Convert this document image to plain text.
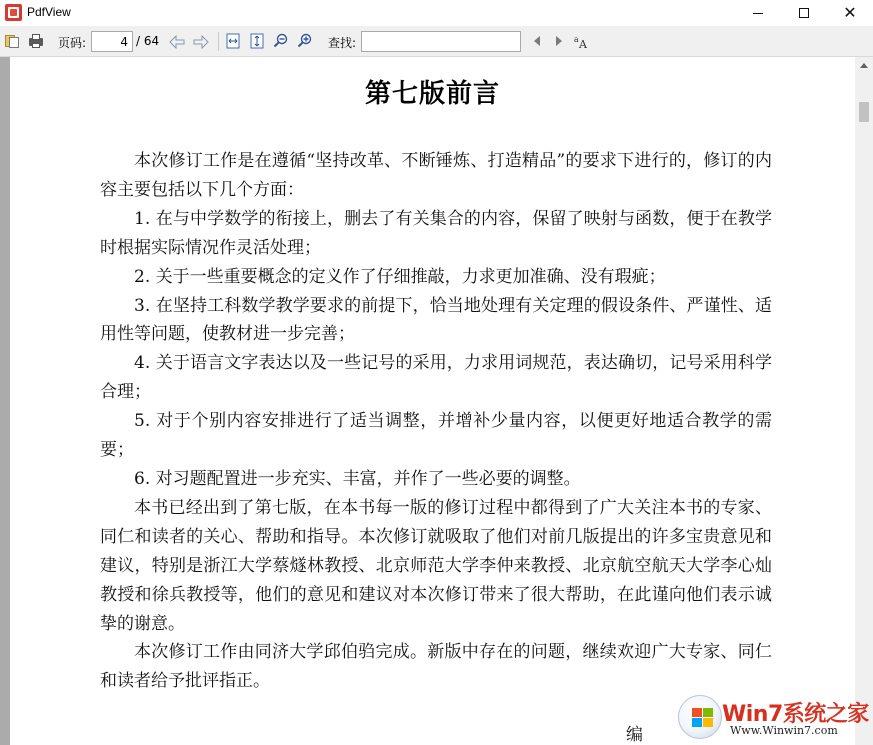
PdfView	✕
页码:
4	/ 64	查找:	a A
第七版前言

本次修订工作是在遵循“坚持改革、不断锤炼、打造精品”的要求下进行的，修订的内容主要包括以下几个方面：

1. 在与中学数学的衔接上，删去了有关集合的内容，保留了映射与函数，便于在教学时根据实际情况作灵活处理；

2. 关于一些重要概念的定义作了仔细推敲，力求更加准确、没有瑕疵；

3. 在坚持工科数学教学要求的前提下，恰当地处理有关定理的假设条件、严谨性、适用性等问题，使教材进一步完善；

4. 关于语言文字表达以及一些记号的采用，力求用词规范，表达确切，记号采用科学合理；

5. 对于个别内容安排进行了适当调整，并增补少量内容，以便更好地适合教学的需要；

6. 对习题配置进一步充实、丰富，并作了一些必要的调整。

本书已经出到了第七版，在本书每一版的修订过程中都得到了广大关注本书的专家、同仁和读者的关心、帮助和指导。本次修订就吸取了他们对前几版提出的许多宝贵意见和建议，特别是浙江大学蔡燧林教授、北京师范大学李仲来教授、北京航空航天大学李心灿教授和徐兵教授等，他们的意见和建议对本次修订带来了很大帮助，在此谨向他们表示诚挚的谢意。

本次修订工作由同济大学邱伯驺完成。新版中存在的问题，继续欢迎广大专家、同仁和读者给予批评指正。

编
Win7系统之家
Www.Winwin7.com
